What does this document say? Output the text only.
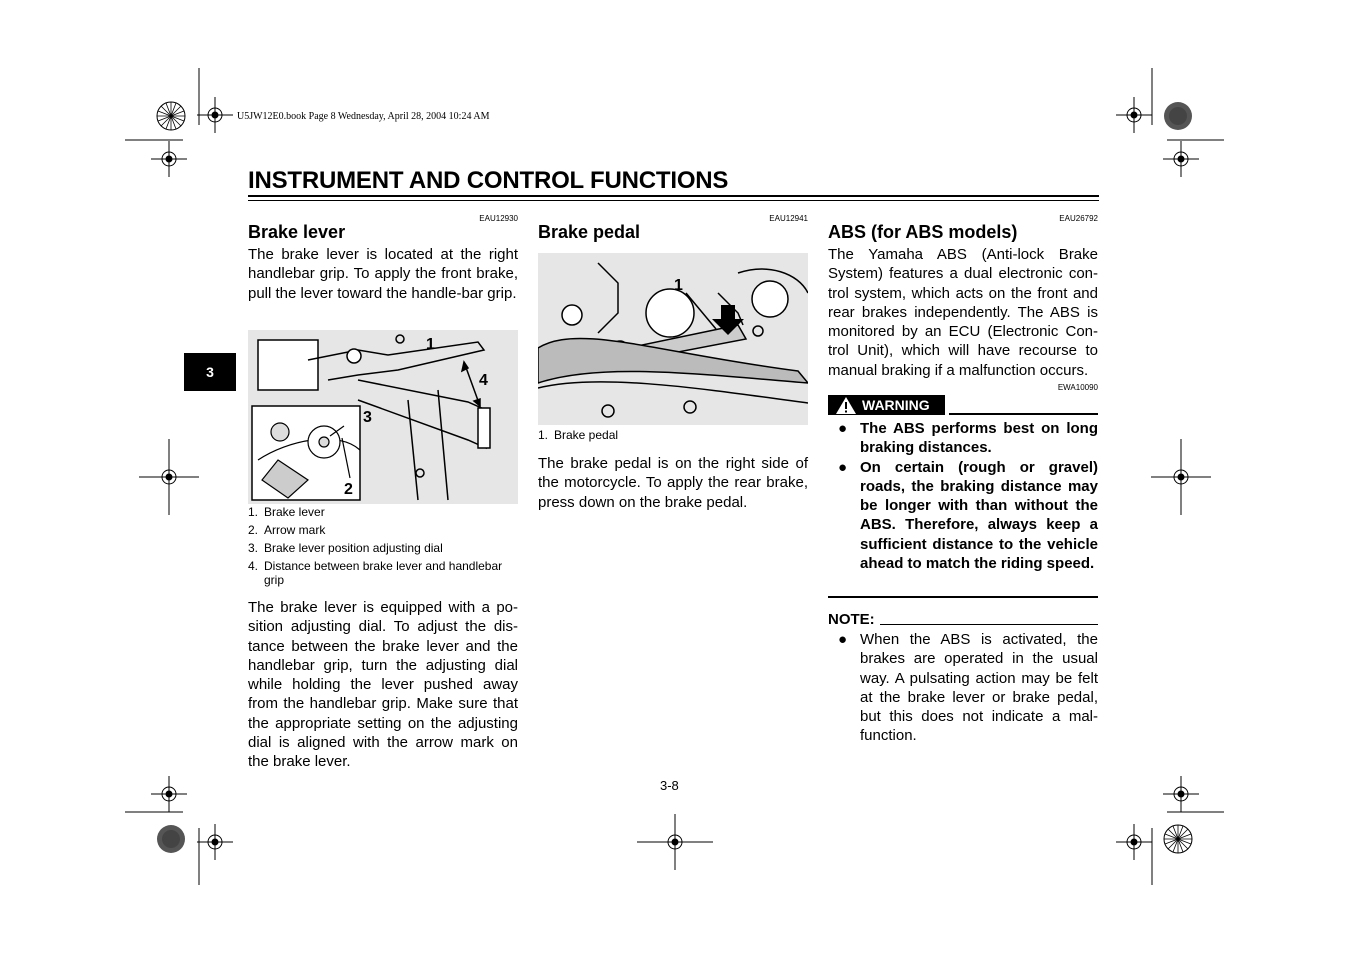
U5JW12E0.book Page 8 Wednesday, April 28, 2004 10:24 AM
INSTRUMENT AND CONTROL FUNCTIONS
3
EAU12930
Brake lever
The brake lever is located at the right handlebar grip. To apply the front brake, pull the lever toward the handle-bar grip.
1
4
3
2
1. Brake lever
2. Arrow mark
3. Brake lever position adjusting dial
4. Distance between brake lever and handlebar grip
The brake lever is equipped with a po-sition adjusting dial. To adjust the dis-tance between the brake lever and the handlebar grip, turn the adjusting dial while holding the lever pushed away from the handlebar grip. Make sure that the appropriate setting on the adjusting dial is aligned with the arrow mark on the brake lever.
EAU12941
Brake pedal
1
1. Brake pedal
The brake pedal is on the right side of the motorcycle. To apply the rear brake, press down on the brake pedal.
EAU26792
ABS (for ABS models)
The Yamaha ABS (Anti-lock Brake System) features a dual electronic con-trol system, which acts on the front and rear brakes independently. The ABS is monitored by an ECU (Electronic Con-trol Unit), which will have recourse to manual braking if a malfunction occurs.
EWA10090
WARNING
● The ABS performs best on long braking distances.
● On certain (rough or gravel) roads, the braking distance may be longer with than without the ABS. Therefore, always keep a sufficient distance to the vehicle ahead to match the riding speed.
NOTE:
● When the ABS is activated, the brakes are operated in the usual way. A pulsating action may be felt at the brake lever or brake pedal, but this does not indicate a mal-function.
3-8
